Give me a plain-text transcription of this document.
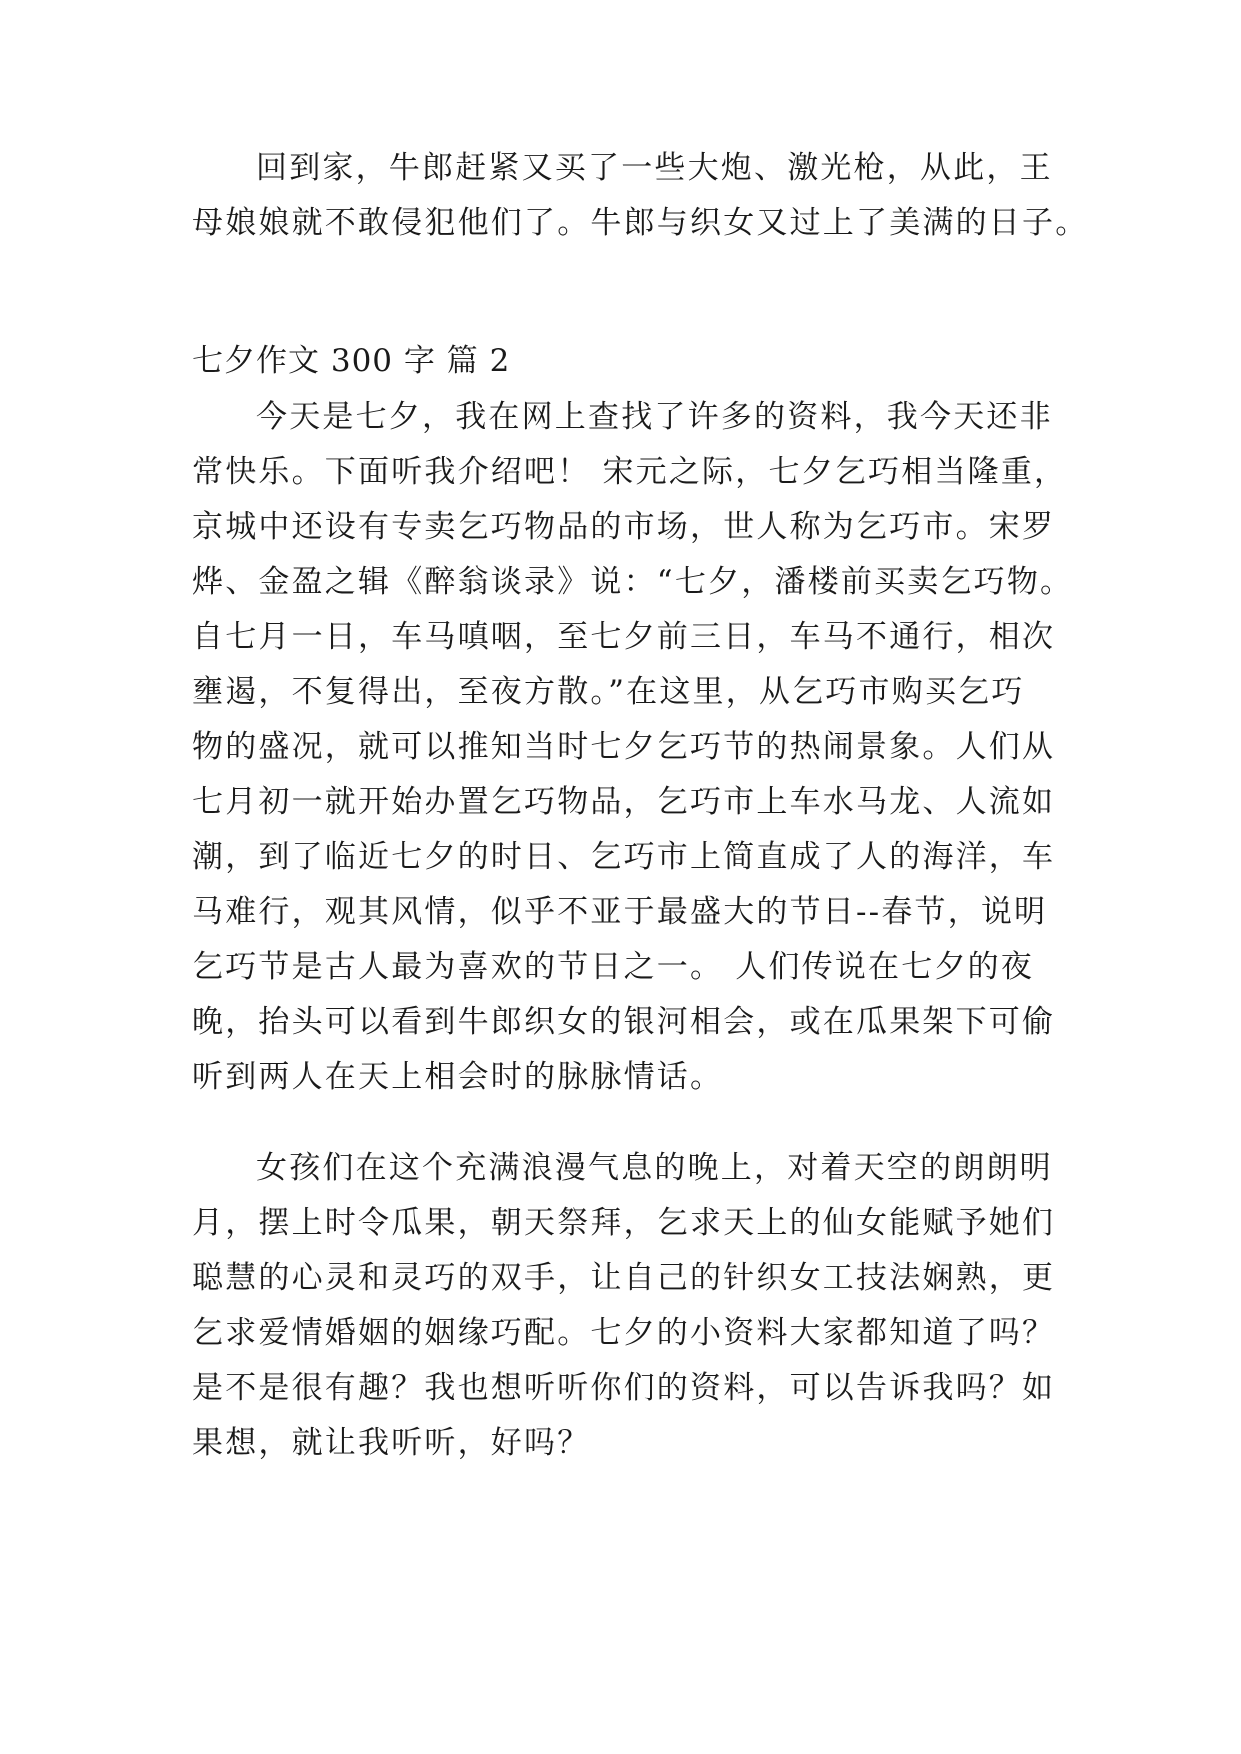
回到家，牛郎赶紧又买了一些大炮、激光枪，从此，王
母娘娘就不敢侵犯他们了。牛郎与织女又过上了美满的日子。
七夕作文 300 字 篇 2
今天是七夕，我在网上查找了许多的资料，我今天还非
常快乐。下面听我介绍吧！ 宋元之际，七夕乞巧相当隆重，
京城中还设有专卖乞巧物品的市场，世人称为乞巧市。宋罗
烨、金盈之辑《醉翁谈录》说：“七夕，潘楼前买卖乞巧物。
自七月一日，车马嗔咽，至七夕前三日，车马不通行，相次
壅遏，不复得出，至夜方散。”在这里，从乞巧市购买乞巧
物的盛况，就可以推知当时七夕乞巧节的热闹景象。人们从
七月初一就开始办置乞巧物品，乞巧市上车水马龙、人流如
潮，到了临近七夕的时日、乞巧市上简直成了人的海洋，车
马难行，观其风情，似乎不亚于最盛大的节日--春节，说明
乞巧节是古人最为喜欢的节日之一。 人们传说在七夕的夜
晚，抬头可以看到牛郎织女的银河相会，或在瓜果架下可偷
听到两人在天上相会时的脉脉情话。
女孩们在这个充满浪漫气息的晚上，对着天空的朗朗明
月，摆上时令瓜果，朝天祭拜，乞求天上的仙女能赋予她们
聪慧的心灵和灵巧的双手，让自己的针织女工技法娴熟，更
乞求爱情婚姻的姻缘巧配。七夕的小资料大家都知道了吗？
是不是很有趣？我也想听听你们的资料，可以告诉我吗？如
果想，就让我听听，好吗？
